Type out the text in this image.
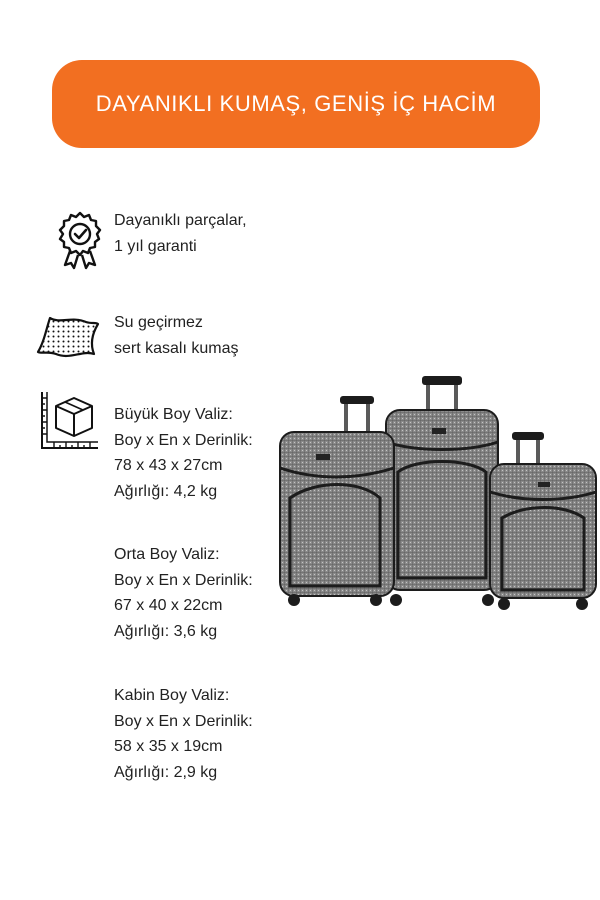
DAYANIKLI KUMAŞ, GENİŞ İÇ HACİM
Dayanıklı parçalar,
1 yıl garanti
Su geçirmez
sert kasalı kumaş
Büyük Boy Valiz:
Boy x En x Derinlik:
78 x 43 x 27cm
Ağırlığı: 4,2 kg
Orta Boy Valiz:
Boy x En x Derinlik:
67 x 40 x 22cm
Ağırlığı: 3,6 kg
Kabin Boy Valiz:
Boy x En x Derinlik:
58 x 35 x 19cm
Ağırlığı: 2,9 kg
